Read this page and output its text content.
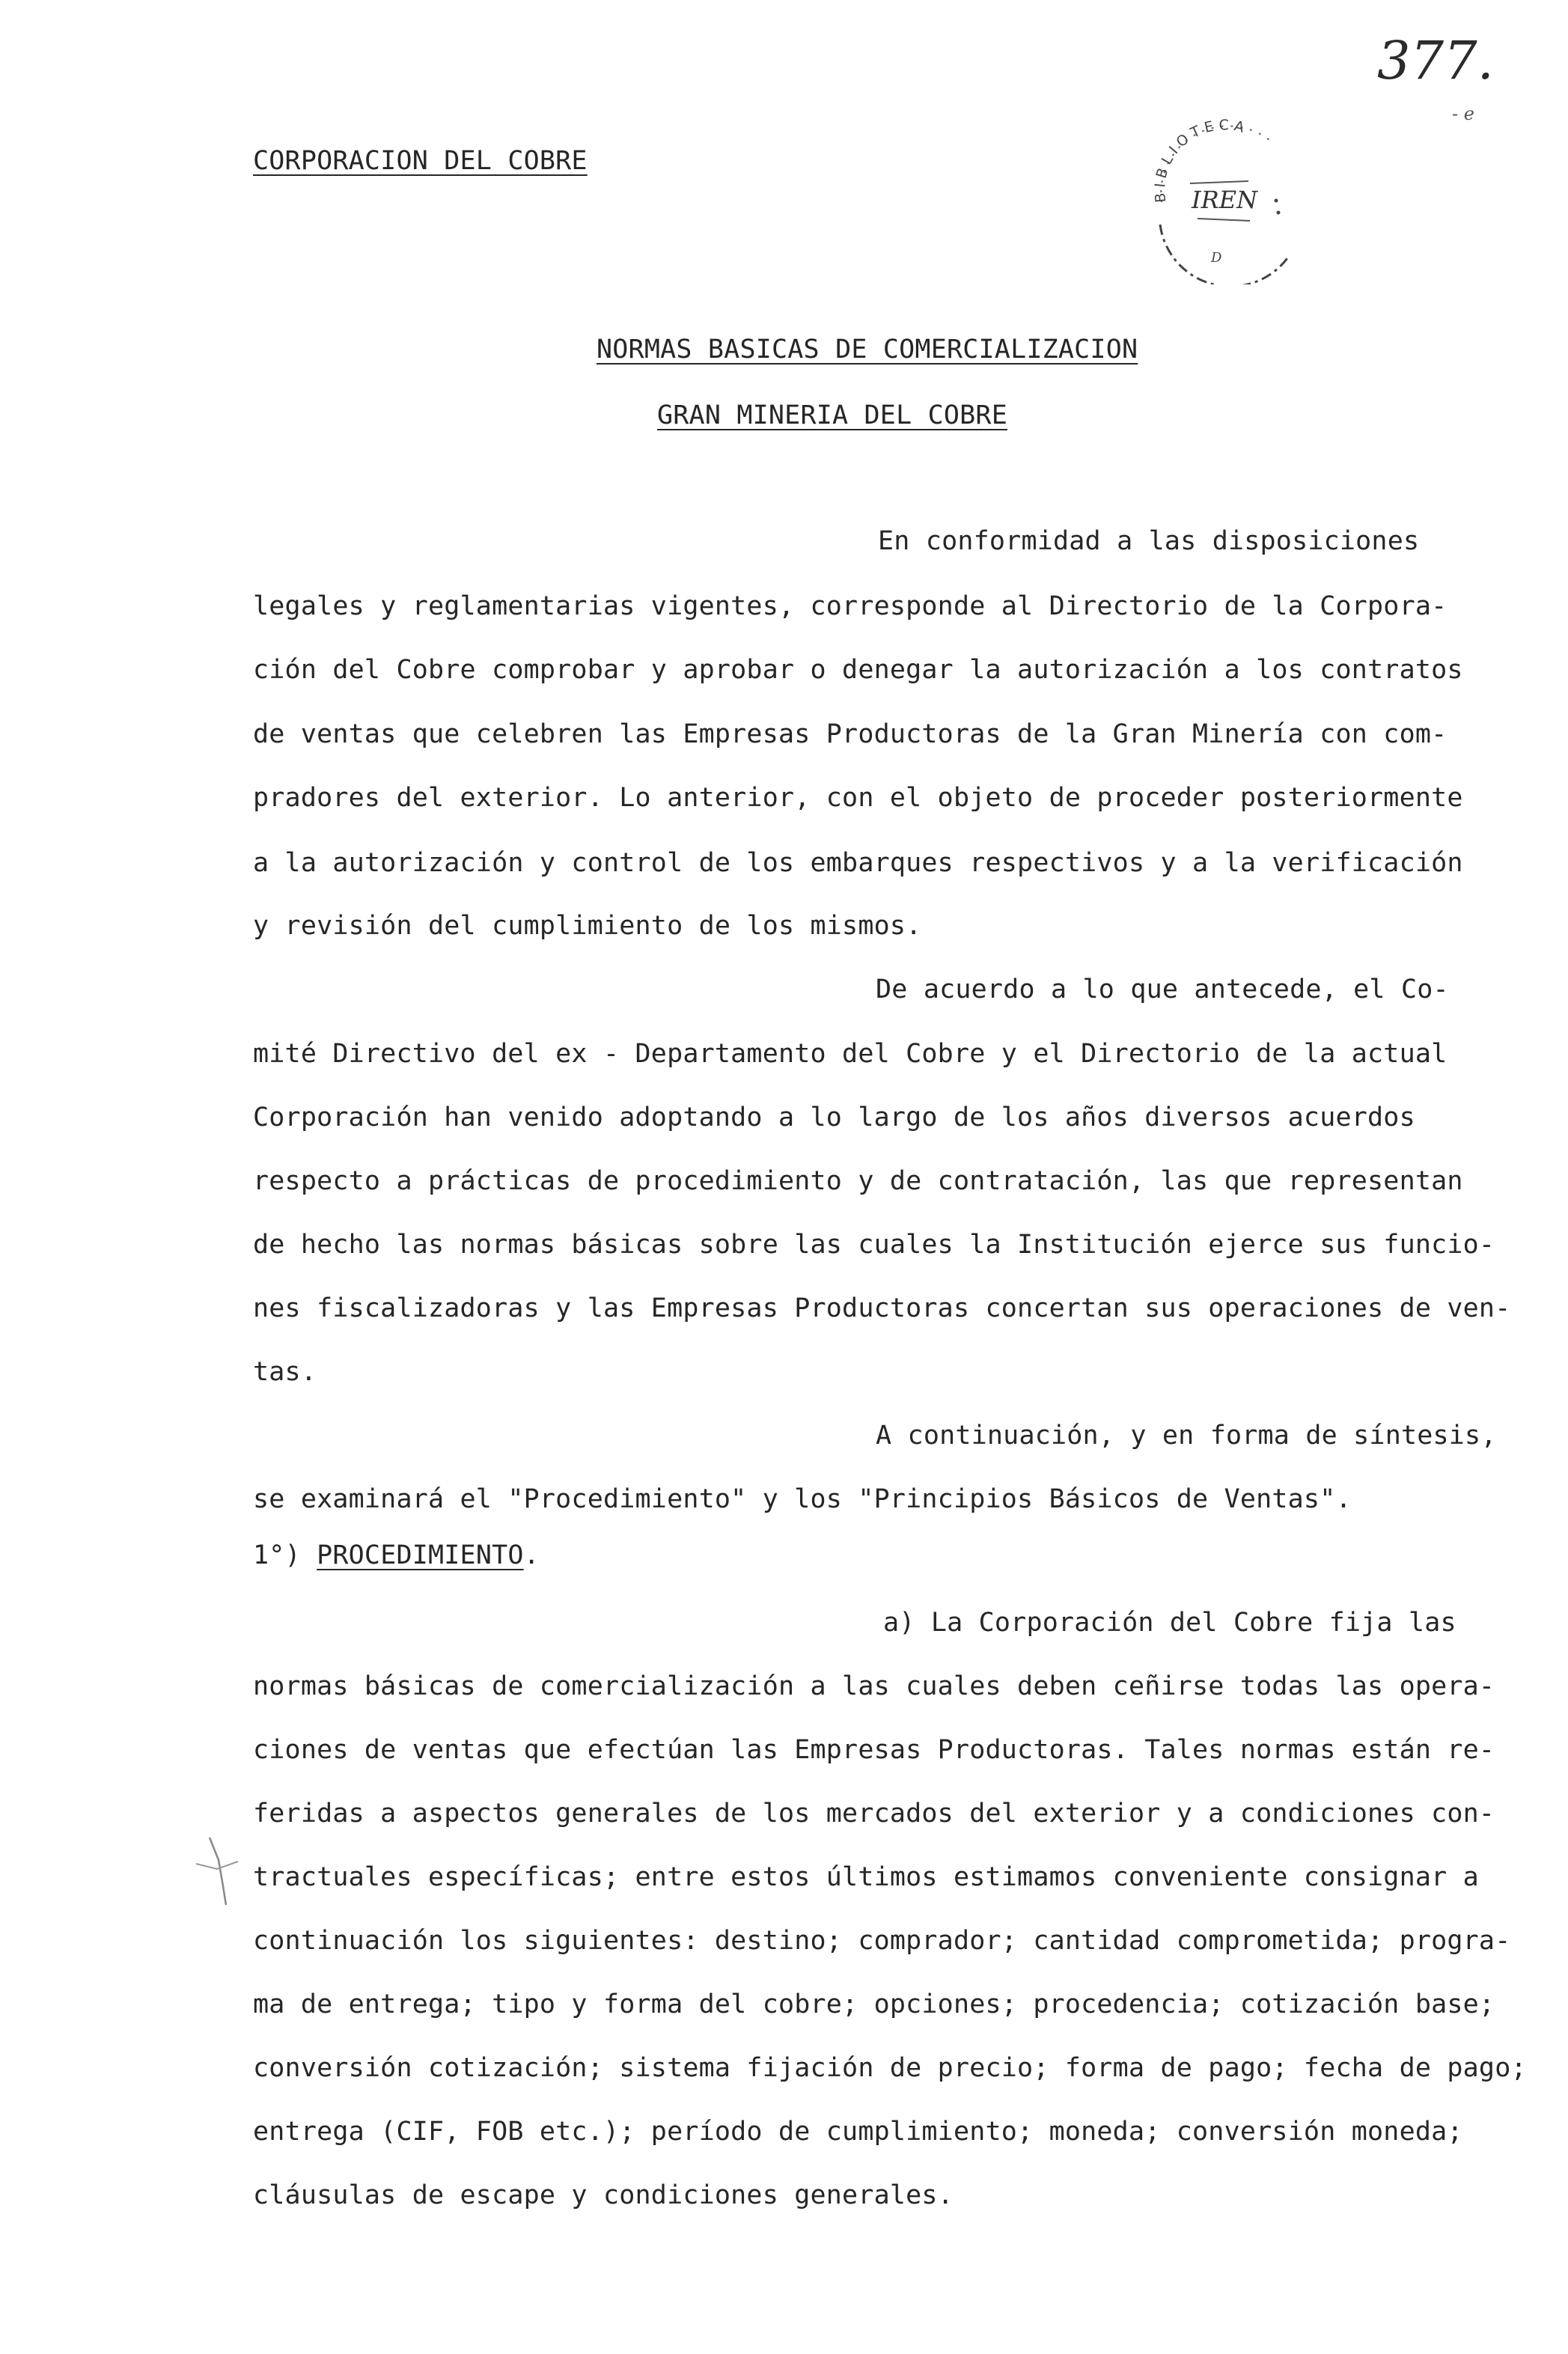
377.
- e
CORPORACION DEL COBRE
BIBLIOTECA
IREN
D
NORMAS BASICAS DE COMERCIALIZACION
GRAN MINERIA DEL COBRE
En conformidad a las disposiciones
legales y reglamentarias vigentes, corresponde al Directorio de la Corpora-
ción del Cobre comprobar y aprobar o denegar la autorización a los contratos
de ventas que celebren las Empresas Productoras de la Gran Minería con com-
pradores del exterior. Lo anterior, con el objeto de proceder posteriormente
a la autorización y control de los embarques respectivos y a la verificación
y revisión del cumplimiento de los mismos.
De acuerdo a lo que antecede, el Co-
mité Directivo del ex - Departamento del Cobre y el Directorio de la actual
Corporación han venido adoptando a lo largo de los años diversos acuerdos
respecto a prácticas de procedimiento y de contratación, las que representan
de hecho las normas básicas sobre las cuales la Institución ejerce sus funcio-
nes fiscalizadoras y las Empresas Productoras concertan sus operaciones de ven-
tas.
A continuación, y en forma de síntesis,
se examinará el "Procedimiento" y los "Principios Básicos de Ventas".
1°) PROCEDIMIENTO.
a) La Corporación del Cobre fija las
normas básicas de comercialización a las cuales deben ceñirse todas las opera-
ciones de ventas que efectúan las Empresas Productoras. Tales normas están re-
feridas a aspectos generales de los mercados del exterior y a condiciones con-
tractuales específicas; entre estos últimos estimamos conveniente consignar a
continuación los siguientes: destino; comprador; cantidad comprometida; progra-
ma de entrega; tipo y forma del cobre; opciones; procedencia; cotización base;
conversión cotización; sistema fijación de precio; forma de pago; fecha de pago;
entrega (CIF, FOB etc.); período de cumplimiento; moneda; conversión moneda;
cláusulas de escape y condiciones generales.
